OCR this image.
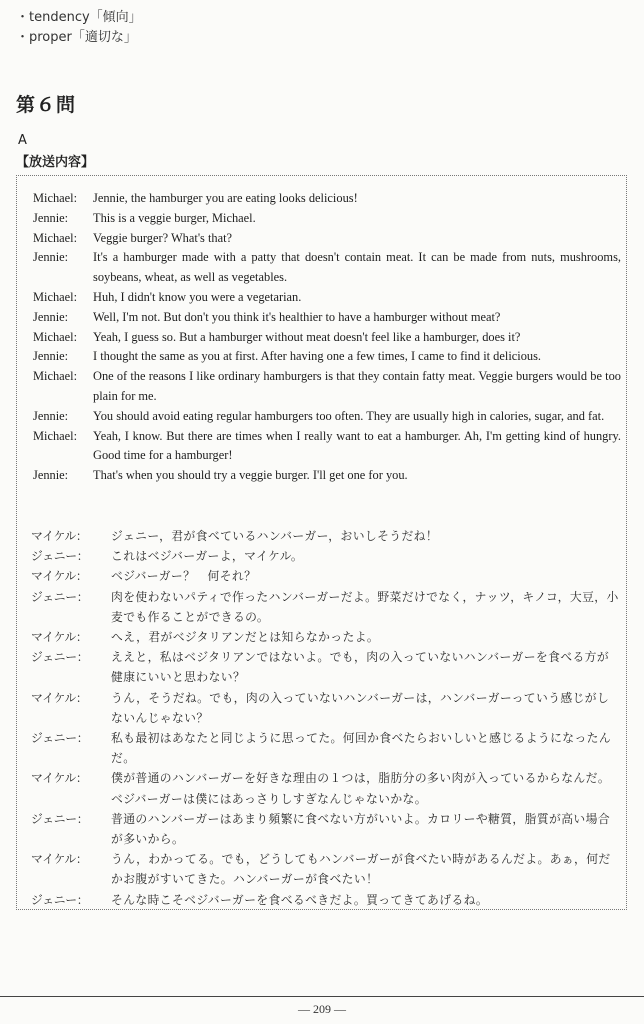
・tendency「傾向」
・proper「適切な」
第６問
A
【放送内容】
Michael:	Jennie, the hamburger you are eating looks delicious!
Jennie:	This is a veggie burger, Michael.
Michael:	Veggie burger? What's that?
Jennie:	It's a hamburger made with a patty that doesn't contain meat. It can be made from nuts, mushrooms, soybeans, wheat, as well as vegetables.
Michael:	Huh, I didn't know you were a vegetarian.
Jennie:	Well, I'm not. But don't you think it's healthier to have a hamburger without meat?
Michael:	Yeah, I guess so. But a hamburger without meat doesn't feel like a hamburger, does it?
Jennie:	I thought the same as you at first. After having one a few times, I came to find it delicious.
Michael:	One of the reasons I like ordinary hamburgers is that they contain fatty meat. Veggie burgers would be too plain for me.
Jennie:	You should avoid eating regular hamburgers too often. They are usually high in calories, sugar, and fat.
Michael:	Yeah, I know. But there are times when I really want to eat a hamburger. Ah, I'm getting kind of hungry. Good time for a hamburger!
Jennie:	That's when you should try a veggie burger. I'll get one for you.
マイケル：	ジェニー，君が食べているハンバーガー，おいしそうだね！
ジェニー：	これはベジバーガーよ，マイケル。
マイケル：	ベジバーガー？　何それ？
ジェニー：	肉を使わないパティで作ったハンバーガーだよ。野菜だけでなく，ナッツ，キノコ，大豆，小麦でも作ることができるの。
マイケル：	へえ，君がベジタリアンだとは知らなかったよ。
ジェニー：	ええと，私はベジタリアンではないよ。でも，肉の入っていないハンバーガーを食べる方が健康にいいと思わない？
マイケル：	うん，そうだね。でも，肉の入っていないハンバーガーは，ハンバーガーっていう感じがしないんじゃない？
ジェニー：	私も最初はあなたと同じように思ってた。何回か食べたらおいしいと感じるようになったんだ。
マイケル：	僕が普通のハンバーガーを好きな理由の１つは，脂肪分の多い肉が入っているからなんだ。ベジバーガーは僕にはあっさりしすぎなんじゃないかな。
ジェニー：	普通のハンバーガーはあまり頻繁に食べない方がいいよ。カロリーや糖質，脂質が高い場合が多いから。
マイケル：	うん，わかってる。でも，どうしてもハンバーガーが食べたい時があるんだよ。あぁ，何だかお腹がすいてきた。ハンバーガーが食べたい！
ジェニー：	そんな時こそベジバーガーを食べるべきだよ。買ってきてあげるね。
― 209 ―
